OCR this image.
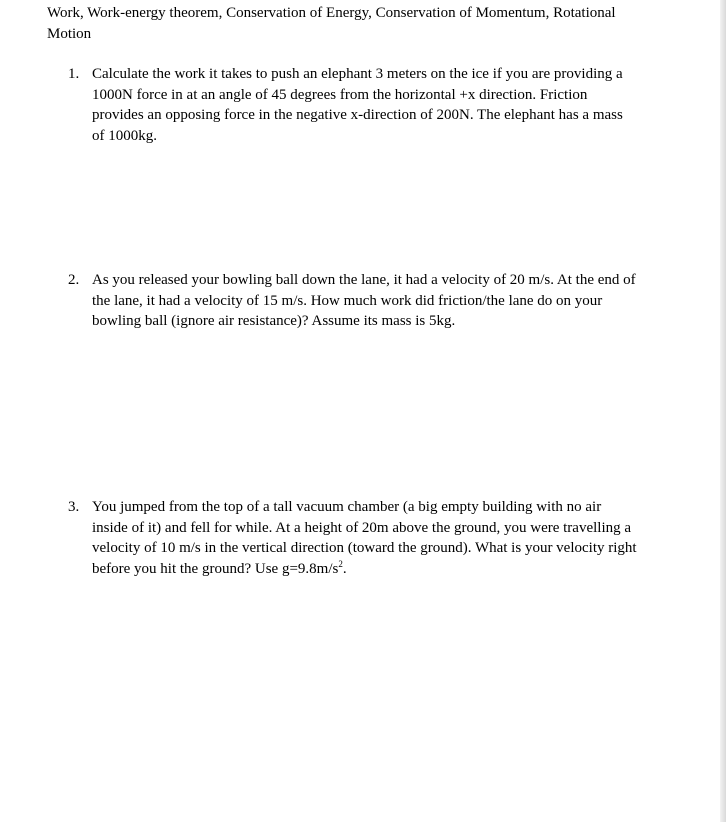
Work, Work-energy theorem, Conservation of Energy, Conservation of Momentum, Rotational Motion
1. Calculate the work it takes to push an elephant 3 meters on the ice if you are providing a 1000N force in at an angle of 45 degrees from the horizontal +x direction. Friction provides an opposing force in the negative x-direction of 200N. The elephant has a mass of 1000kg.
2. As you released your bowling ball down the lane, it had a velocity of 20 m/s. At the end of the lane, it had a velocity of 15 m/s. How much work did friction/the lane do on your bowling ball (ignore air resistance)? Assume its mass is 5kg.
3. You jumped from the top of a tall vacuum chamber (a big empty building with no air inside of it) and fell for while. At a height of 20m above the ground, you were travelling a velocity of 10 m/s in the vertical direction (toward the ground). What is your velocity right before you hit the ground? Use $g=9.8m/s^2$.
